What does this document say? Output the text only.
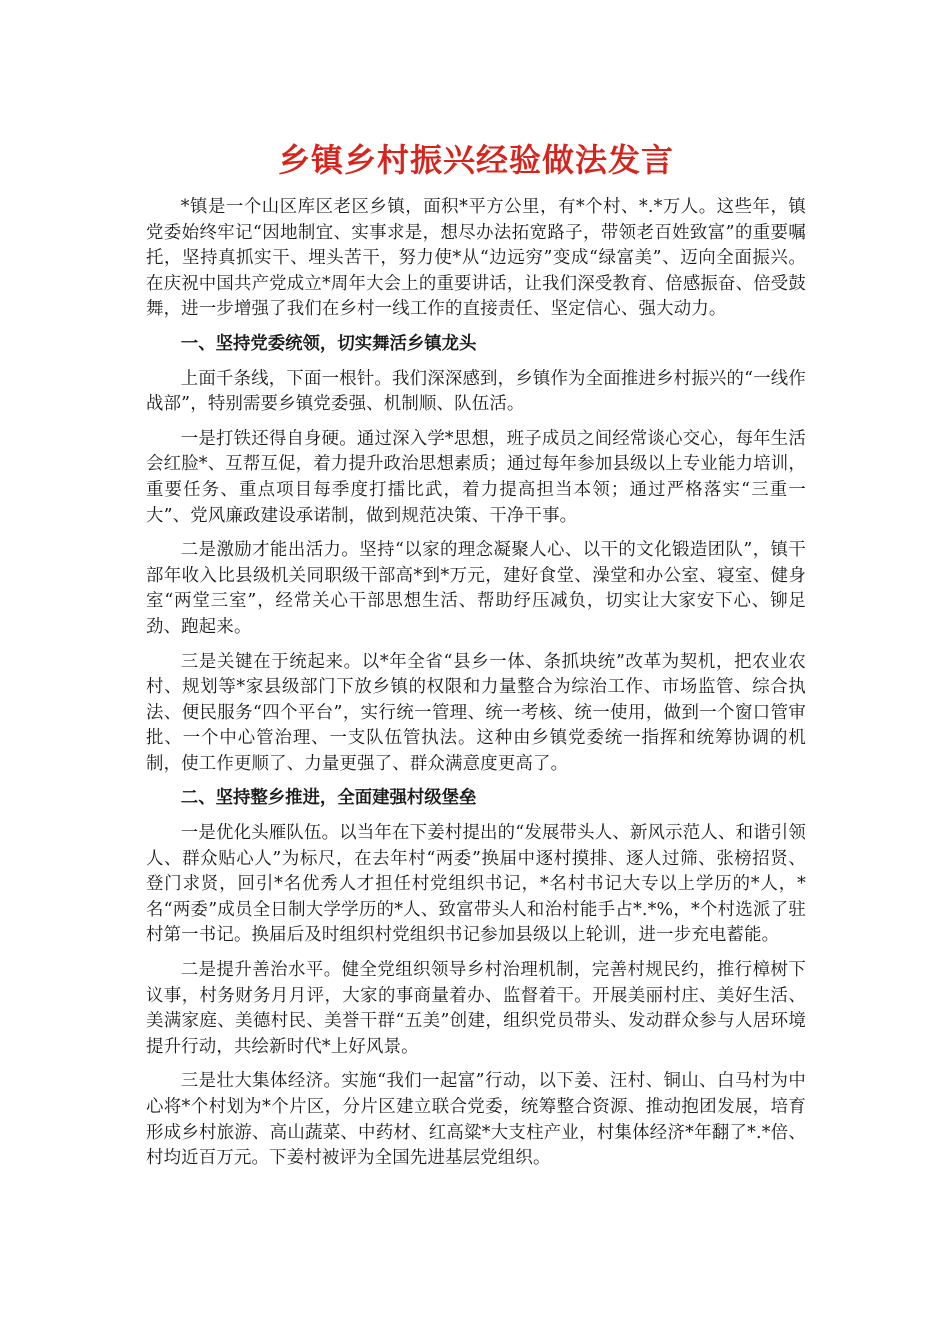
乡镇乡村振兴经验做法发言
*镇是一个山区库区老区乡镇，面积*平方公里，有*个村、*.*万人。这些年，镇党委始终牢记“因地制宜、实事求是，想尽办法拓宽路子，带领老百姓致富”的重要嘱托，坚持真抓实干、埋头苦干，努力使*从“边远穷”变成“绿富美”、迈向全面振兴。在庆祝中国共产党成立*周年大会上的重要讲话，让我们深受教育、倍感振奋、倍受鼓舞，进一步增强了我们在乡村一线工作的直接责任、坚定信心、强大动力。
一、坚持党委统领，切实舞活乡镇龙头
上面千条线，下面一根针。我们深深感到，乡镇作为全面推进乡村振兴的“一线作战部”，特别需要乡镇党委强、机制顺、队伍活。
一是打铁还得自身硬。通过深入学*思想，班子成员之间经常谈心交心，每年生活会红脸*、互帮互促，着力提升政治思想素质；通过每年参加县级以上专业能力培训，重要任务、重点项目每季度打擂比武，着力提高担当本领；通过严格落实“三重一大”、党风廉政建设承诺制，做到规范决策、干净干事。
二是激励才能出活力。坚持“以家的理念凝聚人心、以干的文化锻造团队”，镇干部年收入比县级机关同职级干部高*到*万元，建好食堂、澡堂和办公室、寝室、健身室“两堂三室”，经常关心干部思想生活、帮助纾压减负，切实让大家安下心、铆足劲、跑起来。
三是关键在于统起来。以*年全省“县乡一体、条抓块统”改革为契机，把农业农村、规划等*家县级部门下放乡镇的权限和力量整合为综治工作、市场监管、综合执法、便民服务“四个平台”，实行统一管理、统一考核、统一使用，做到一个窗口管审批、一个中心管治理、一支队伍管执法。这种由乡镇党委统一指挥和统筹协调的机制，使工作更顺了、力量更强了、群众满意度更高了。
二、坚持整乡推进，全面建强村级堡垒
一是优化头雁队伍。以当年在下姜村提出的“发展带头人、新风示范人、和谐引领人、群众贴心人”为标尺，在去年村“两委”换届中逐村摸排、逐人过筛、张榜招贤、登门求贤，回引*名优秀人才担任村党组织书记，*名村书记大专以上学历的*人，*名“两委”成员全日制大学学历的*人、致富带头人和治村能手占*.*%，*个村选派了驻村第一书记。换届后及时组织村党组织书记参加县级以上轮训，进一步充电蓄能。
二是提升善治水平。健全党组织领导乡村治理机制，完善村规民约，推行樟树下议事，村务财务月月评，大家的事商量着办、监督着干。开展美丽村庄、美好生活、美满家庭、美德村民、美誉干群“五美”创建，组织党员带头、发动群众参与人居环境提升行动，共绘新时代*上好风景。
三是壮大集体经济。实施“我们一起富”行动，以下姜、汪村、铜山、白马村为中心将*个村划为*个片区，分片区建立联合党委，统筹整合资源、推动抱团发展，培育形成乡村旅游、高山蔬菜、中药材、红高粱*大支柱产业，村集体经济*年翻了*.*倍、村均近百万元。下姜村被评为全国先进基层党组织。
